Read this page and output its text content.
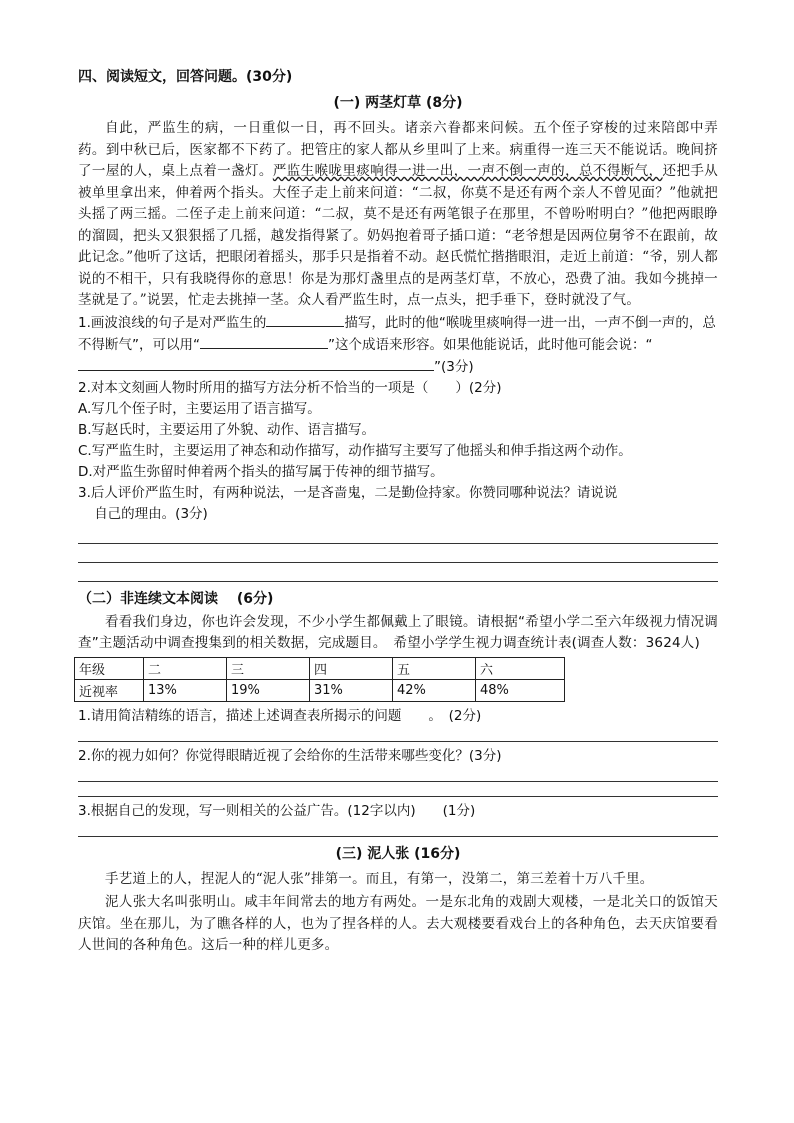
四、阅读短文，回答问题。(30分)
(一) 两茎灯草 (8分)

自此，严监生的病，一日重似一日，再不回头。诸亲六眷都来问候。五个侄子穿梭的过来陪郎中弄药。到中秋已后，医家都不下药了。把管庄的家人都从乡里叫了上来。病重得一连三天不能说话。晚间挤了一屋的人，桌上点着一盏灯。严监生喉咙里痰响得一进一出，一声不倒一声的，总不得断气，还把手从被单里拿出来，伸着两个指头。大侄子走上前来问道：“二叔，你莫不是还有两个亲人不曾见面？”他就把头摇了两三摇。二侄子走上前来问道：“二叔，莫不是还有两笔银子在那里，不曾吩咐明白？”他把两眼睁的溜圆，把头又狠狠摇了几摇，越发指得紧了。奶妈抱着哥子插口道：“老爷想是因两位舅爷不在跟前，故此记念。”他听了这话，把眼闭着摇头，那手只是指着不动。赵氏慌忙揩揩眼泪，走近上前道：“爷，别人都说的不相干，只有我晓得你的意思！你是为那灯盏里点的是两茎灯草，不放心，恐费了油。我如今挑掉一茎就是了。”说罢，忙走去挑掉一茎。众人看严监生时，点一点头，把手垂下，登时就没了气。

1.画波浪线的句子是对严监生的	描写，此时的他“喉咙里痰响得一进一出，一声不倒一声的，总不得断气”，可以用“	”这个成语来形容。如果他能说话，此时他可能会说：“”(3分)

2.对本文刻画人物时所用的描写方法分析不恰当的一项是（　　）(2分)

A.写几个侄子时，主要运用了语言描写。

B.写赵氏时，主要运用了外貌、动作、语言描写。

C.写严监生时，主要运用了神态和动作描写，动作描写主要写了他摇头和伸手指这两个动作。

D.对严监生弥留时伸着两个指头的描写属于传神的细节描写。

3.后人评价严监生时，有两种说法，一是吝啬鬼，二是勤俭持家。你赞同哪种说法？请说说

自己的理由。(3分)

（二）非连续文本阅读　 (6分)

看看我们身边，你也许会发现，不少小学生都佩戴上了眼镜。请根据“希望小学二至六年级视力情况调查”主题活动中调查搜集到的相关数据，完成题目。　希望小学学生视力调查统计表(调查人数：3624人)

年级	二	三	四	五	六
近视率	13%	19%	31%	42%	48%

1.请用简洁精练的语言，描述上述调查表所揭示的问题　　。　(2分)

2.你的视力如何？你觉得眼睛近视了会给你的生活带来哪些变化？(3分)

3.根据自己的发现，写一则相关的公益广告。(12字以内)　　(1分)

(三) 泥人张 (16分)

手艺道上的人，捏泥人的“泥人张”排第一。而且，有第一，没第二，第三差着十万八千里。

泥人张大名叫张明山。咸丰年间常去的地方有两处。一是东北角的戏剧大观楼，一是北关口的饭馆天庆馆。坐在那儿，为了瞧各样的人，也为了捏各样的人。去大观楼要看戏台上的各种角色，去天庆馆要看人世间的各种角色。这后一种的样儿更多。
